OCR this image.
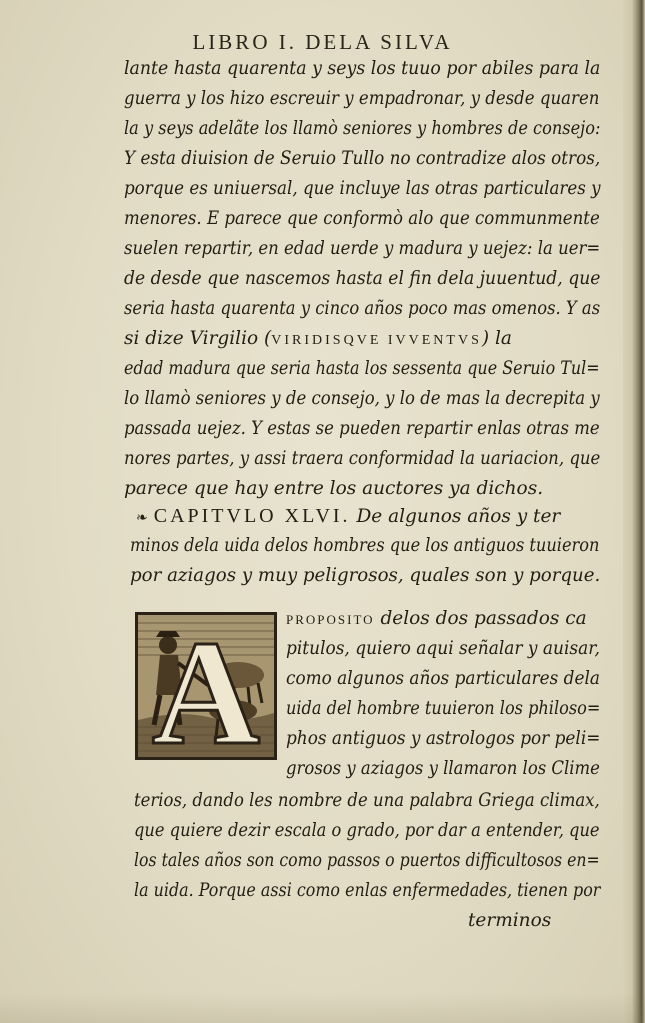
LIBRO I. DELA SILVA
lante hasta quarenta y seys los tuuo por abiles para la
guerra y los hizo escreuir y empadronar, y desde quaren
la y seys adelãte los llamò seniores y hombres de consejo:
Y esta diuision de Seruio Tullo no contradize alos otros,
porque es uniuersal, que incluye las otras particulares y
menores. E parece que conformò alo que communmente
suelen repartir, en edad uerde y madura y uejez: la uer=
de desde que nascemos hasta el fin dela juuentud, que
seria hasta quarenta y cinco años poco mas omenos. Y as
si dize Virgilio (VIRIDISQVE IVVENTVS) la
edad madura que seria hasta los sessenta que Seruio Tul=
lo llamò seniores y de consejo, y lo de mas la decrepita y
passada uejez. Y estas se pueden repartir enlas otras me
nores partes, y assi traera conformidad la uariacion, que
parece que hay entre los auctores ya dichos.
❧ CAPITVLO XLVI. De algunos años y ter
minos dela uida delos hombres que los antiguos tuuieron
por aziagos y muy peligrosos, quales son y porque.
A PROPOSITO delos dos passados ca
pitulos, quiero aqui señalar y auisar,
como algunos años particulares dela
uida del hombre tuuieron los philoso=
phos antiguos y astrologos por peli=
grosos y aziagos y llamaron los Clime
terios, dando les nombre de una palabra Griega climax,
que quiere dezir escala o grado, por dar a entender, que
los tales años son como passos o puertos difficultosos en=
la uida. Porque assi como enlas enfermedades, tienen por
terminos
